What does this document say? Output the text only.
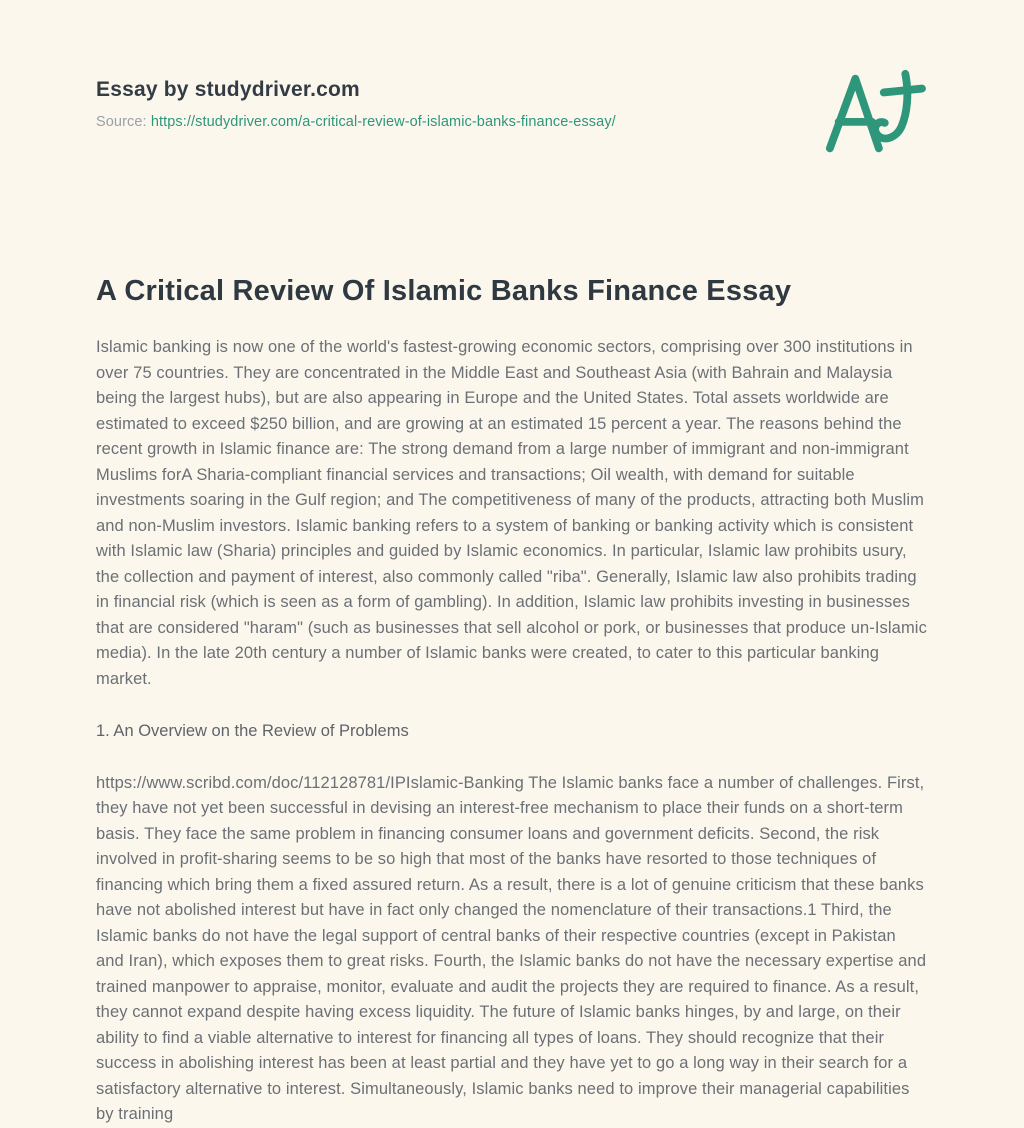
Essay by studydriver.com
Source: https://studydriver.com/a-critical-review-of-islamic-banks-finance-essay/
A Critical Review Of Islamic Banks Finance Essay

Islamic banking is now one of the world's fastest-growing economic sectors, comprising over 300 institutions in over 75 countries. They are concentrated in the Middle East and Southeast Asia (with Bahrain and Malaysia being the largest hubs), but are also appearing in Europe and the United States. Total assets worldwide are estimated to exceed $250 billion, and are growing at an estimated 15 percent a year. The reasons behind the recent growth in Islamic finance are: The strong demand from a large number of immigrant and non-immigrant Muslims forA Sharia-compliant financial services and transactions; Oil wealth, with demand for suitable investments soaring in the Gulf region; and The competitiveness of many of the products, attracting both Muslim and non-Muslim investors. Islamic banking refers to a system of banking or banking activity which is consistent with Islamic law (Sharia) principles and guided by Islamic economics. In particular, Islamic law prohibits usury, the collection and payment of interest, also commonly called "riba". Generally, Islamic law also prohibits trading in financial risk (which is seen as a form of gambling). In addition, Islamic law prohibits investing in businesses that are considered "haram" (such as businesses that sell alcohol or pork, or businesses that produce un-Islamic media). In the late 20th century a number of Islamic banks were created, to cater to this particular banking market.

1. An Overview on the Review of Problems

https://www.scribd.com/doc/112128781/IPIslamic-Banking The Islamic banks face a number of challenges. First, they have not yet been successful in devising an interest-free mechanism to place their funds on a short-term basis. They face the same problem in financing consumer loans and government deficits. Second, the risk involved in profit-sharing seems to be so high that most of the banks have resorted to those techniques of financing which bring them a fixed assured return. As a result, there is a lot of genuine criticism that these banks have not abolished interest but have in fact only changed the nomenclature of their transactions.1 Third, the Islamic banks do not have the legal support of central banks of their respective countries (except in Pakistan and Iran), which exposes them to great risks. Fourth, the Islamic banks do not have the necessary expertise and trained manpower to appraise, monitor, evaluate and audit the projects they are required to finance. As a result, they cannot expand despite having excess liquidity. The future of Islamic banks hinges, by and large, on their ability to find a viable alternative to interest for financing all types of loans. They should recognize that their success in abolishing interest has been at least partial and they have yet to go a long way in their search for a satisfactory alternative to interest. Simultaneously, Islamic banks need to improve their managerial capabilities by training
